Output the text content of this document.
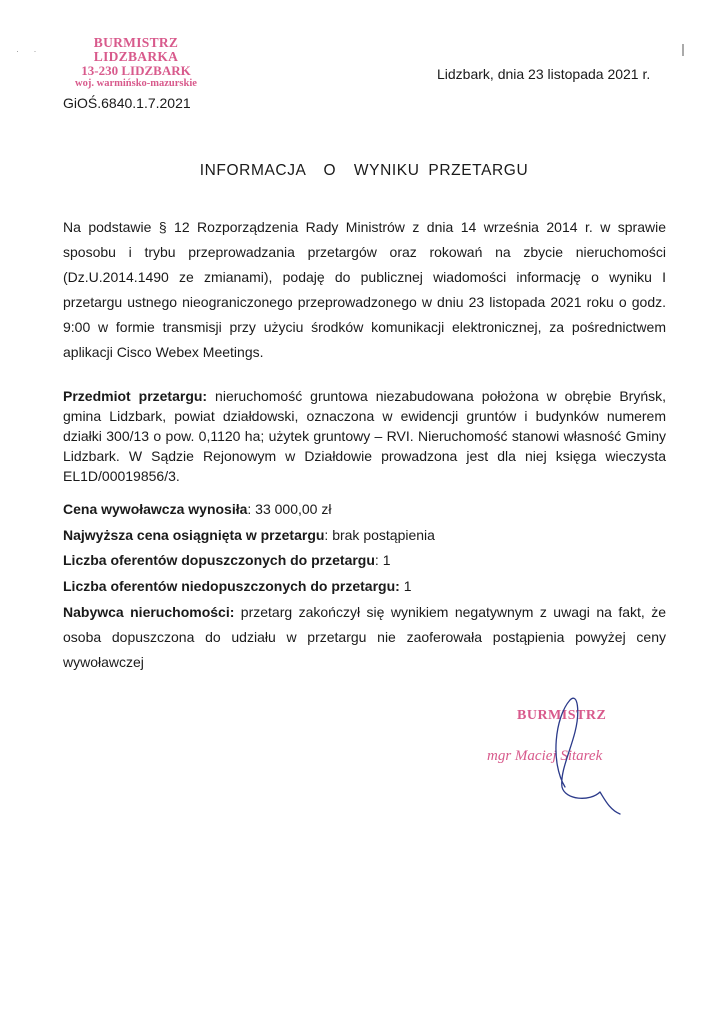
· ·
BURMISTRZ LIDZBARKA
13-230 LIDZBARK
woj. warmińsko-mazurskie
Lidzbark, dnia 23 listopada 2021 r.
GiOŚ.6840.1.7.2021
INFORMACJA  O  WYNIKU PRZETARGU
Na podstawie § 12 Rozporządzenia Rady Ministrów z dnia 14 września 2014 r. w sprawie sposobu i trybu przeprowadzania przetargów oraz rokowań na zbycie nieruchomości (Dz.U.2014.1490 ze zmianami), podaję do publicznej wiadomości informację o wyniku I przetargu ustnego nieograniczonego przeprowadzonego w dniu 23 listopada 2021 roku o godz. 9:00 w formie transmisji przy użyciu środków komunikacji elektronicznej, za pośrednictwem aplikacji Cisco Webex Meetings.
Przedmiot przetargu: nieruchomość gruntowa niezabudowana położona w obrębie Bryńsk, gmina Lidzbark, powiat działdowski, oznaczona w ewidencji gruntów i budynków numerem działki 300/13 o pow. 0,1120 ha; użytek gruntowy – RVI. Nieruchomość stanowi własność Gminy Lidzbark. W Sądzie Rejonowym w Działdowie prowadzona jest dla niej księga wieczysta EL1D/00019856/3.
Cena wywoławcza wynosiła: 33 000,00 zł
Najwyższa cena osiągnięta w przetargu: brak postąpienia
Liczba oferentów dopuszczonych do przetargu: 1
Liczba oferentów niedopuszczonych do przetargu: 1
Nabywca nieruchomości: przetarg zakończył się wynikiem negatywnym z uwagi na fakt, że osoba dopuszczona do udziału w przetargu nie zaoferowała postąpienia powyżej ceny wywoławczej
BURMISTRZ
mgr Maciej Sitarek
